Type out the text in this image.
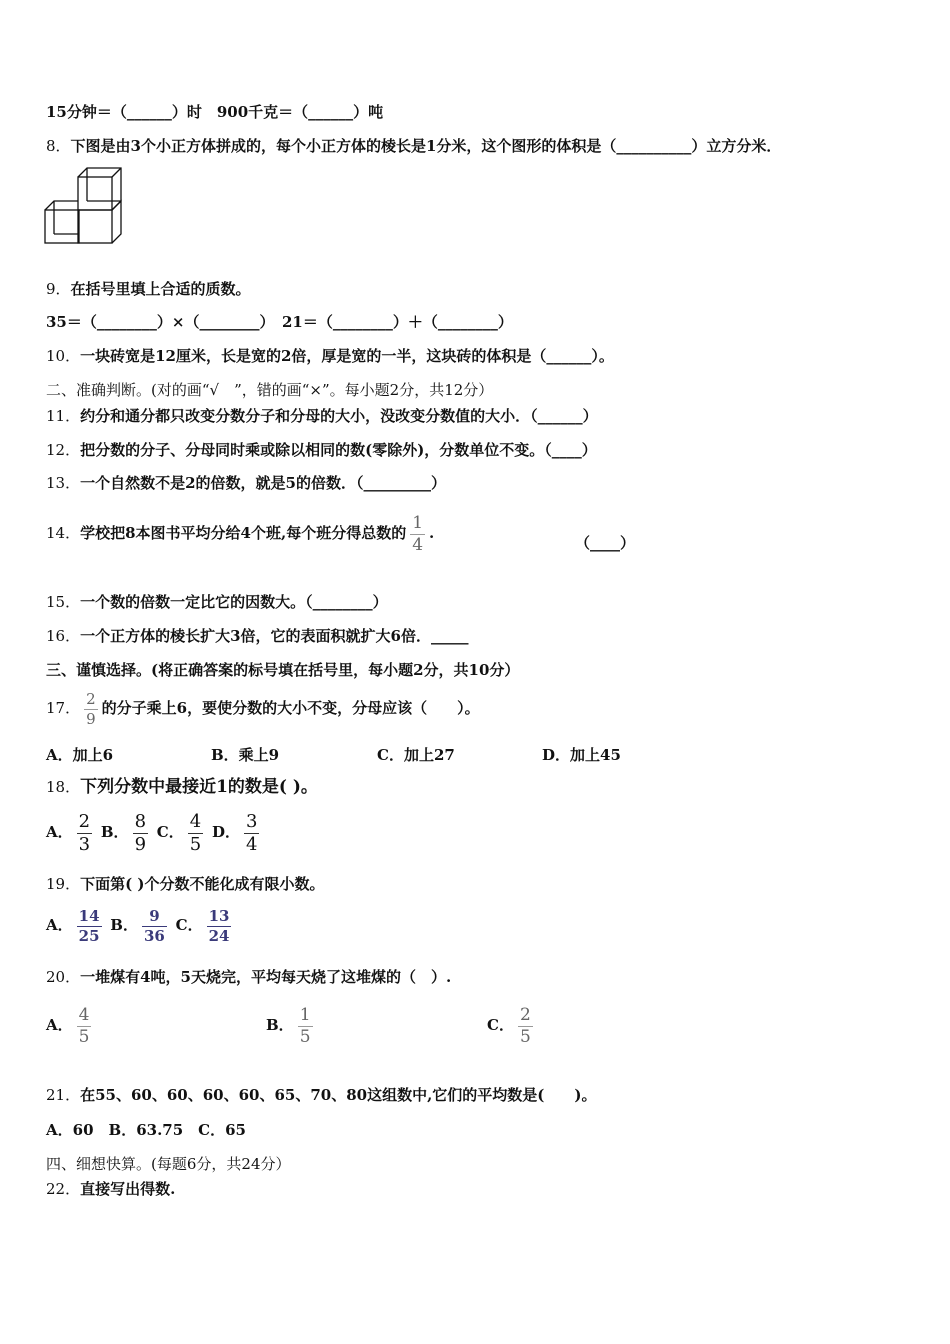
15分钟＝（______）时　900千克＝（______）吨
8．下图是由3个小正方体拼成的，每个小正方体的棱长是1分米，这个图形的体积是（__________）立方分米．
9．在括号里填上合适的质数。
35＝（________）×（________）　21＝（________）＋（________）
10．一块砖宽是12厘米，长是宽的2倍，厚是宽的一半，这块砖的体积是（______）。
二、准确判断。(对的画“√　”，错的画“×”。每小题2分，共12分）
11．约分和通分都只改变分数分子和分母的大小，没改变分数值的大小．（______）
12．把分数的分子、分母同时乘或除以相同的数(零除外)，分数单位不变。（____）
13．一个自然数不是2的倍数，就是5的倍数．（_________）
14．学校把8本图书平均分给4个班,每个班分得总数的 $\frac{1}{4}$ .
（____）
15．一个数的倍数一定比它的因数大。（________）
16．一个正方体的棱长扩大3倍，它的表面积就扩大6倍．_____
三、谨慎选择。(将正确答案的标号填在括号里，每小题2分，共10分）
17． $\frac{2}{9}$ 的分子乘上6，要使分数的大小不变，分母应该（　　）。
A．加上6	B．乘上9	C．加上27	D．加上45
18．下列分数中最接近1的数是( )。
A． $\frac{2}{3}$ B． $\frac{8}{9}$ C． $\frac{4}{5}$ D． $\frac{3}{4}$
19．下面第( )个分数不能化成有限小数。
A． $\frac{14}{25}$ B． $\frac{9}{36}$ C． $\frac{13}{24}$
20．一堆煤有4吨，5天烧完，平均每天烧了这堆煤的（　）.
A． $\frac{4}{5}$	B． $\frac{1}{5}$	C． $\frac{2}{5}$
21．在55、60、60、60、60、65、70、80这组数中,它们的平均数是(　　)。
A．60　B．63.75　C．65
四、细想快算。(每题6分，共24分）
22．直接写出得数.
